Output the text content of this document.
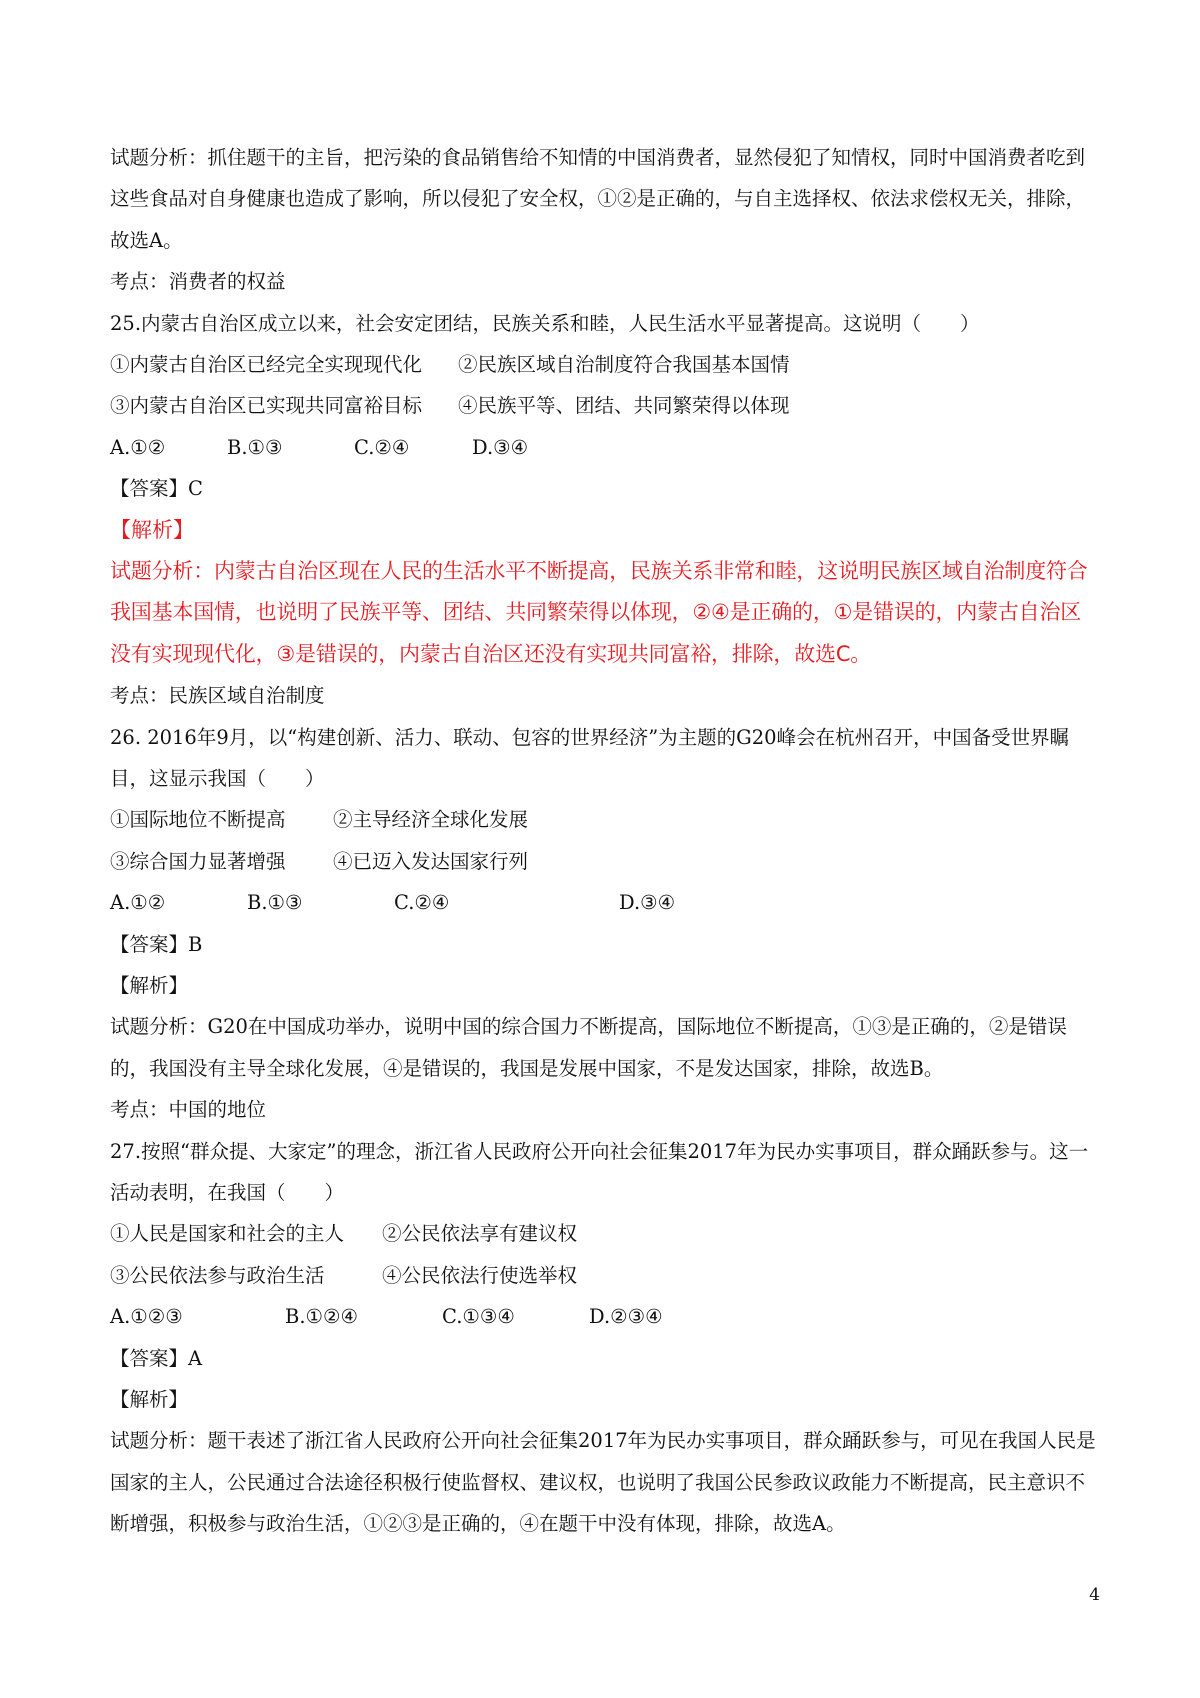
试题分析：抓住题干的主旨，把污染的食品销售给不知情的中国消费者，显然侵犯了知情权，同时中国消费者吃到这些食品对自身健康也造成了影响，所以侵犯了安全权，①②是正确的，与自主选择权、依法求偿权无关，排除，故选A。
考点：消费者的权益
25.内蒙古自治区成立以来，社会安定团结，民族关系和睦，人民生活水平显著提高。这说明（　　）
①内蒙古自治区已经完全实现现代化 ②民族区域自治制度符合我国基本国情
③内蒙古自治区已实现共同富裕目标 ④民族平等、团结、共同繁荣得以体现
A.①②	B.①③	C.②④	D.③④
【答案】C
【解析】
试题分析：内蒙古自治区现在人民的生活水平不断提高，民族关系非常和睦，这说明民族区域自治制度符合我国基本国情，也说明了民族平等、团结、共同繁荣得以体现，②④是正确的，①是错误的，内蒙古自治区没有实现现代化，③是错误的，内蒙古自治区还没有实现共同富裕，排除，故选C。
考点：民族区域自治制度
26. 2016年9月，以“构建创新、活力、联动、包容的世界经济”为主题的G20峰会在杭州召开，中国备受世界瞩目，这显示我国（　　）
①国际地位不断提高 ②主导经济全球化发展
③综合国力显著增强 ④已迈入发达国家行列
A.①②	B.①③	C.②④	D.③④
【答案】B
【解析】
试题分析：G20在中国成功举办，说明中国的综合国力不断提高，国际地位不断提高，①③是正确的，②是错误的，我国没有主导全球化发展，④是错误的，我国是发展中国家，不是发达国家，排除，故选B。
考点：中国的地位
27.按照“群众提、大家定”的理念，浙江省人民政府公开向社会征集2017年为民办实事项目，群众踊跃参与。这一活动表明，在我国（　　）
①人民是国家和社会的主人 ②公民依法享有建议权
③公民依法参与政治生活	④公民依法行使选举权
A.①②③	B.①②④	C.①③④	D.②③④
【答案】A
【解析】
试题分析：题干表述了浙江省人民政府公开向社会征集2017年为民办实事项目，群众踊跃参与，可见在我国人民是国家的主人，公民通过合法途径积极行使监督权、建议权，也说明了我国公民参政议政能力不断提高，民主意识不断增强，积极参与政治生活，①②③是正确的，④在题干中没有体现，排除，故选A。
4
